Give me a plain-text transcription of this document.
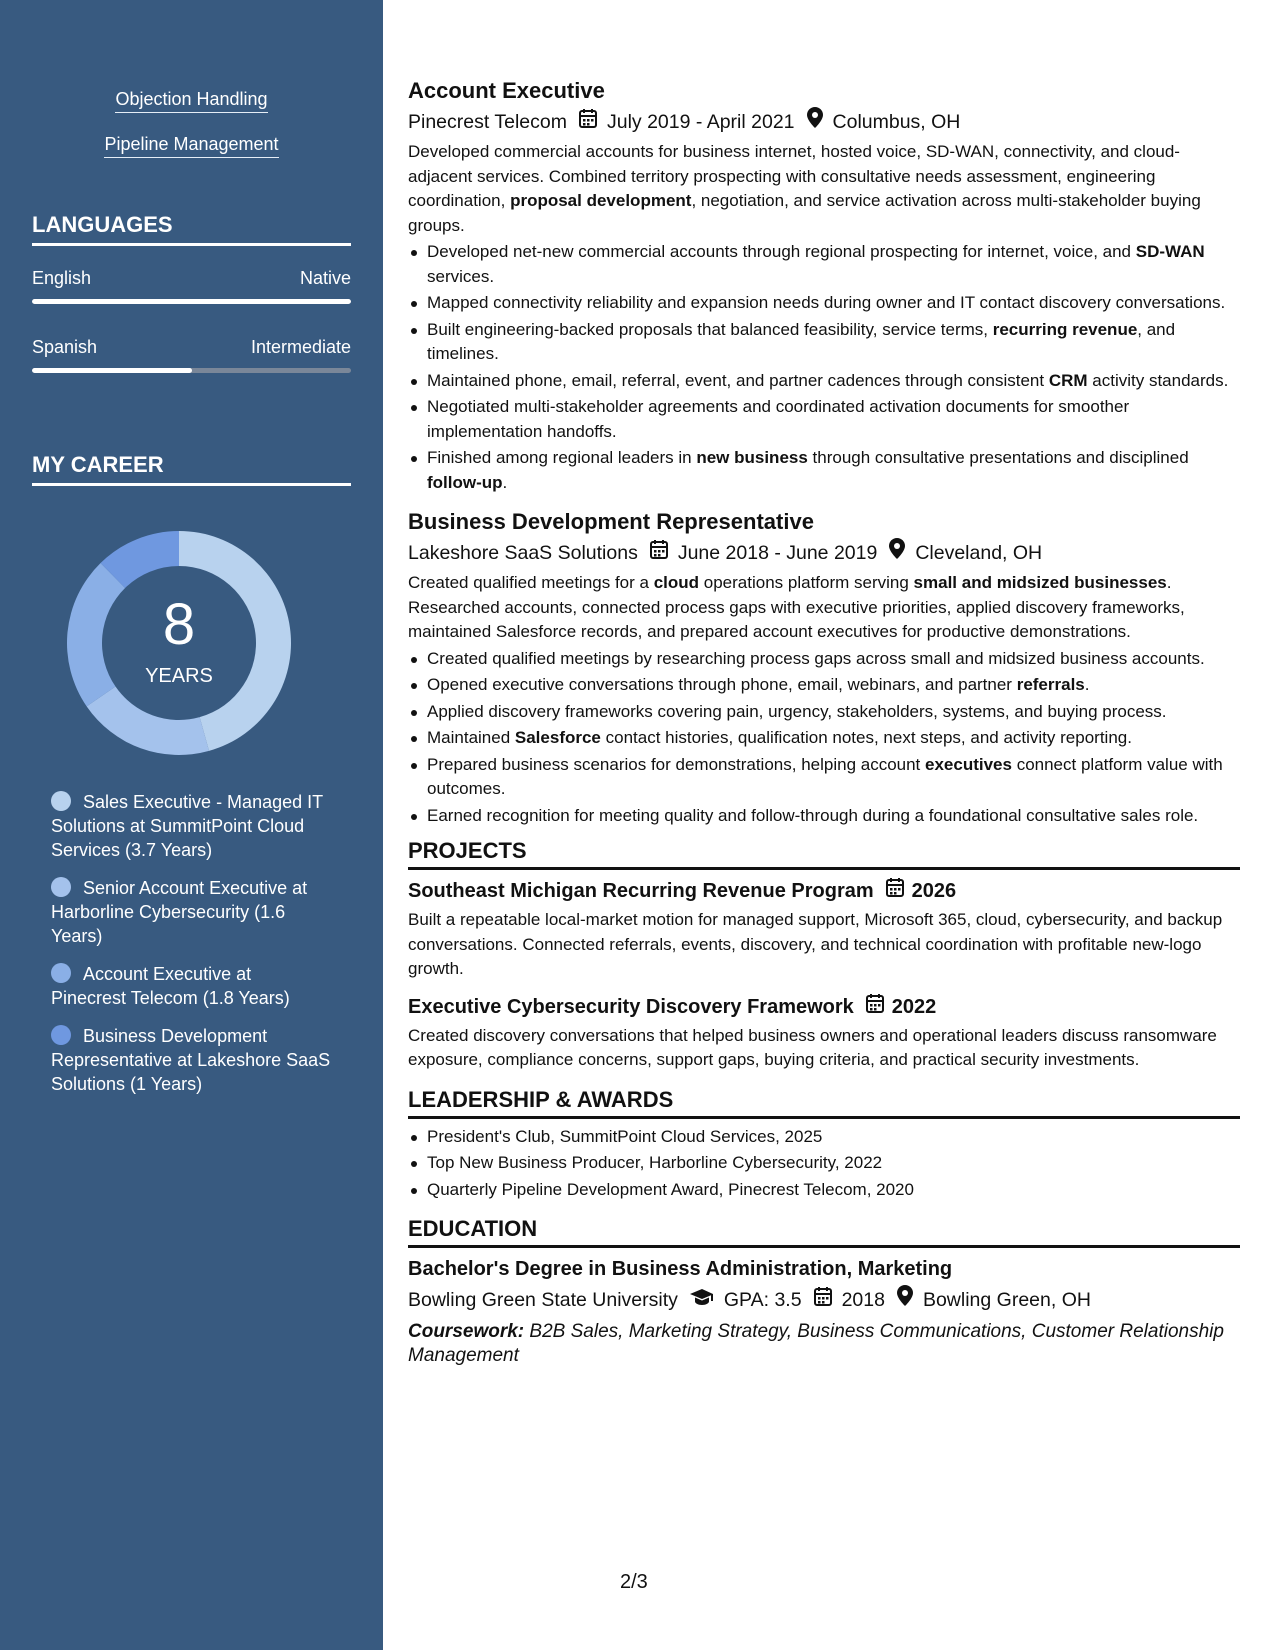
Objection Handling
Pipeline Management
LANGUAGES
English	Native
Spanish	Intermediate
MY CAREER
8
YEARS
Sales Executive - Managed IT Solutions at SummitPoint Cloud Services (3.7 Years)
Senior Account Executive at Harborline Cybersecurity (1.6 Years)
Account Executive at Pinecrest Telecom (1.8 Years)
Business Development Representative at Lakeshore SaaS Solutions (1 Years)
Account Executive
Pinecrest Telecom July 2019 - April 2021 Columbus, OH

Developed commercial accounts for business internet, hosted voice, SD-WAN, connectivity, and cloud-adjacent services. Combined territory prospecting with consultative needs assessment, engineering coordination, proposal development, negotiation, and service activation across multi-stakeholder buying groups.

Developed net-new commercial accounts through regional prospecting for internet, voice, and SD-WAN services.
Mapped connectivity reliability and expansion needs during owner and IT contact discovery conversations.
Built engineering-backed proposals that balanced feasibility, service terms, recurring revenue, and timelines.
Maintained phone, email, referral, event, and partner cadences through consistent CRM activity standards.
Negotiated multi-stakeholder agreements and coordinated activation documents for smoother implementation handoffs.
Finished among regional leaders in new business through consultative presentations and disciplined follow-up.
Business Development Representative
Lakeshore SaaS Solutions June 2018 - June 2019 Cleveland, OH

Created qualified meetings for a cloud operations platform serving small and midsized businesses. Researched accounts, connected process gaps with executive priorities, applied discovery frameworks, maintained Salesforce records, and prepared account executives for productive demonstrations.

Created qualified meetings by researching process gaps across small and midsized business accounts.
Opened executive conversations through phone, email, webinars, and partner referrals.
Applied discovery frameworks covering pain, urgency, stakeholders, systems, and buying process.
Maintained Salesforce contact histories, qualification notes, next steps, and activity reporting.
Prepared business scenarios for demonstrations, helping account executives connect platform value with outcomes.
Earned recognition for meeting quality and follow-through during a foundational consultative sales role.
PROJECTS
Southeast Michigan Recurring Revenue Program 2026

Built a repeatable local-market motion for managed support, Microsoft 365, cloud, cybersecurity, and backup conversations. Connected referrals, events, discovery, and technical coordination with profitable new-logo growth.

Executive Cybersecurity Discovery Framework 2022

Created discovery conversations that helped business owners and operational leaders discuss ransomware exposure, compliance concerns, support gaps, buying criteria, and practical security investments.

LEADERSHIP & AWARDS
President's Club, SummitPoint Cloud Services, 2025
Top New Business Producer, Harborline Cybersecurity, 2022
Quarterly Pipeline Development Award, Pinecrest Telecom, 2020
EDUCATION
Bachelor's Degree in Business Administration, Marketing
Bowling Green State University GPA: 3.5 2018 Bowling Green, OH

Coursework: B2B Sales, Marketing Strategy, Business Communications, Customer Relationship Management

2/3
